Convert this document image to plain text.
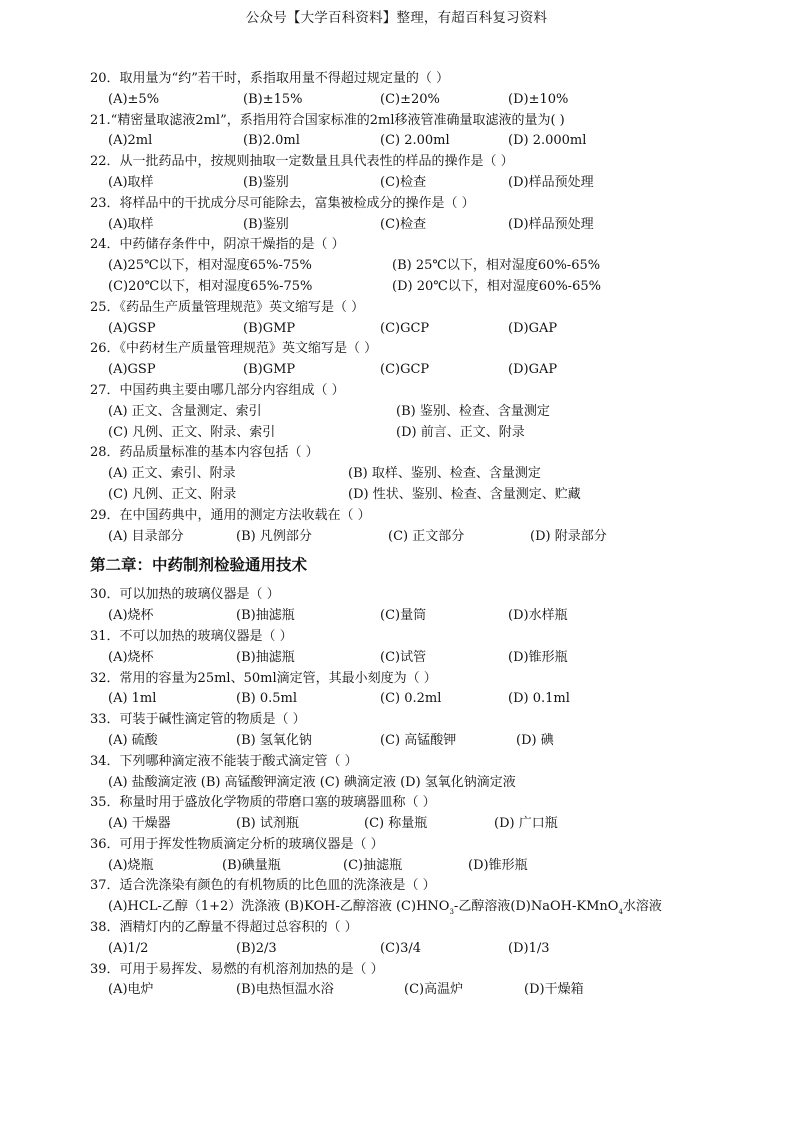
公众号【大学百科资料】整理，有超百科复习资料
20．取用量为“约”若干时，系指取用量不得超过规定量的（ ）
(A)±5%	(B)±15%	(C)±20%	(D)±10%
21.“精密量取滤液2ml”，系指用符合国家标准的2ml移液管准确量取滤液的量为( )
(A)2ml	(B)2.0ml	(C) 2.00ml	(D) 2.000ml
22．从一批药品中，按规则抽取一定数量且具代表性的样品的操作是（ ）
(A)取样	(B)鉴别	(C)检查	(D)样品预处理
23．将样品中的干扰成分尽可能除去，富集被检成分的操作是（ ）
(A)取样	(B)鉴别	(C)检查	(D)样品预处理
24．中药储存条件中，阴凉干燥指的是（ ）
(A)25℃以下，相对湿度65%-75%	(B) 25℃以下，相对湿度60%-65%
(C)20℃以下，相对湿度65%-75%	(D) 20℃以下，相对湿度60%-65%
25．《药品生产质量管理规范》英文缩写是（ ）
(A)GSP	(B)GMP	(C)GCP	(D)GAP
26．《中药材生产质量管理规范》英文缩写是（ ）
(A)GSP	(B)GMP	(C)GCP	(D)GAP
27．中国药典主要由哪几部分内容组成（ ）
(A) 正文、含量测定、索引	(B) 鉴别、检查、含量测定
(C) 凡例、正文、附录、索引	(D) 前言、正文、附录
28．药品质量标准的基本内容包括（ ）
(A) 正文、索引、附录	(B) 取样、鉴别、检查、含量测定
(C) 凡例、正文、附录	(D) 性状、鉴别、检查、含量测定、贮藏
29．在中国药典中，通用的测定方法收载在（ ）
(A) 目录部分	(B) 凡例部分	(C) 正文部分	(D) 附录部分
第二章：中药制剂检验通用技术
30．可以加热的玻璃仪器是（ ）
(A)烧杯	(B)抽滤瓶	(C)量筒	(D)水样瓶
31．不可以加热的玻璃仪器是（ ）
(A)烧杯	(B)抽滤瓶	(C)试管	(D)锥形瓶
32．常用的容量为25ml、50ml滴定管，其最小刻度为（ ）
(A) 1ml	(B) 0.5ml	(C) 0.2ml	(D) 0.1ml
33．可装于碱性滴定管的物质是（ ）
(A) 硫酸	(B) 氢氧化钠	(C) 高锰酸钾	(D) 碘
34．下列哪种滴定液不能装于酸式滴定管（ ）
(A) 盐酸滴定液 (B) 高锰酸钾滴定液 (C) 碘滴定液 (D) 氢氧化钠滴定液
35．称量时用于盛放化学物质的带磨口塞的玻璃器皿称（ ）
(A) 干燥器	(B) 试剂瓶	(C) 称量瓶	(D) 广口瓶
36．可用于挥发性物质滴定分析的玻璃仪器是（ ）
(A)烧瓶	(B)碘量瓶	(C)抽滤瓶	(D)锥形瓶
37．适合洗涤染有颜色的有机物质的比色皿的洗涤液是（ ）
(A)HCL-乙醇（1+2）洗涤液 (B)KOH-乙醇溶液 $(C)HNO_3-$乙醇溶液(D)NaOH-KMnO$_4$水溶液
38．酒精灯内的乙醇量不得超过总容积的（ ）
(A)1/2	(B)2/3	(C)3/4	(D)1/3
39．可用于易挥发、易燃的有机溶剂加热的是（ ）
(A)电炉	(B)电热恒温水浴	(C)高温炉	(D)干燥箱
